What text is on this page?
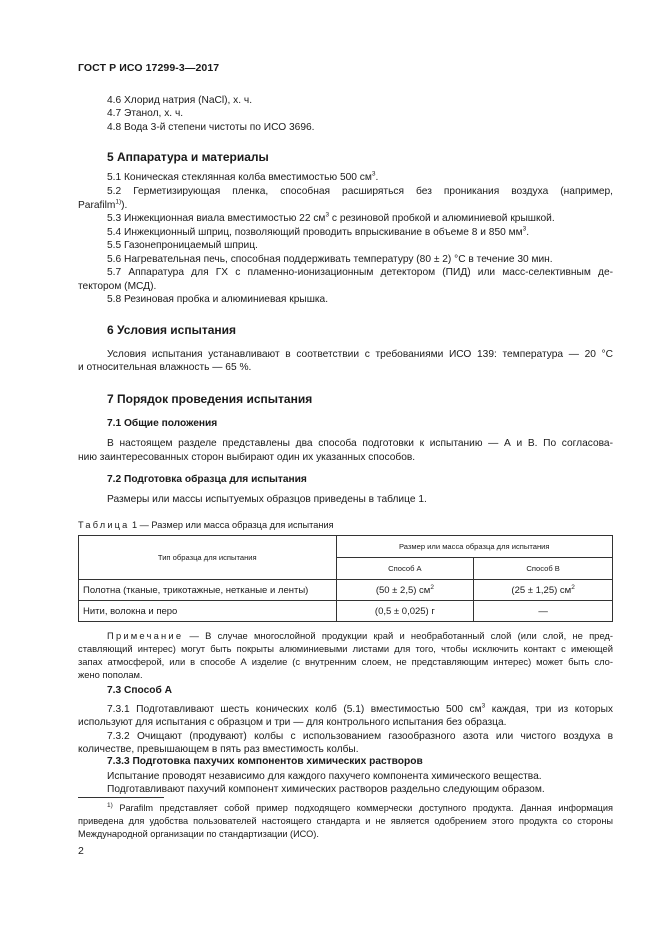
ГОСТ Р ИСО 17299-3—2017
4.6 Хлорид натрия (NaCl), х. ч.
4.7 Этанол, х. ч.
4.8 Вода 3-й степени чистоты по ИСО 3696.
5 Аппаратура и материалы
5.1 Коническая стеклянная колба вместимостью 500 $см^3$.
5.2 Герметизирующая пленка, способная расширяться без проникания воздуха (например,
Parafilm$^{1)}$).
5.3 Инжекционная виала вместимостью 22 $см^3$ с резиновой пробкой и алюминиевой крышкой.
5.4 Инжекционный шприц, позволяющий проводить впрыскивание в объеме 8 и 850 $мм^3$.
5.5 Газонепроницаемый шприц.
5.6 Нагревательная печь, способная поддерживать температуру (80 ± 2) °С в течение 30 мин.
5.7 Аппаратура для ГХ с пламенно-ионизационным детектором (ПИД) или масс-селективным де-
тектором (МСД).
5.8 Резиновая пробка и алюминиевая крышка.
6 Условия испытания
Условия испытания устанавливают в соответствии с требованиями ИСО 139: температура — 20 °С
и относительная влажность — 65 %.
7 Порядок проведения испытания
7.1 Общие положения
В настоящем разделе представлены два способа подготовки к испытанию — А и В. По согласова-
нию заинтересованных сторон выбирают один их указанных способов.
7.2 Подготовка образца для испытания
Размеры или массы испытуемых образцов приведены в таблице 1.
Таблица 1 — Размер или масса образца для испытания
Тип образца для испытания	Размер или масса образца для испытания	
	Способ А	Способ В
Полотна (тканые, трикотажные, нетканые и ленты)	(50 ± 2,5) $см^2$	(25 ± 1,25) $см^2$
Нити, волокна и перо	(0,5 ± 0,025) г	—
Примечание — В случае многослойной продукции край и необработанный слой (или слой, не пред-
ставляющий интерес) могут быть покрыты алюминиевыми листами для того, чтобы исключить контакт с имеющей
запах атмосферой, или в способе А изделие (с внутренним слоем, не представляющим интерес) может быть сло-
жено пополам.
7.3 Способ А
7.3.1 Подготавливают шесть конических колб (5.1) вместимостью 500 $см^3$ каждая, три из которых
используют для испытания с образцом и три — для контрольного испытания без образца.
7.3.2 Очищают (продувают) колбы с использованием газообразного азота или чистого воздуха в
количестве, превышающем в пять раз вместимость колбы.
7.3.3 Подготовка пахучих компонентов химических растворов
Испытание проводят независимо для каждого пахучего компонента химического вещества.
Подготавливают пахучий компонент химических растворов раздельно следующим образом.
$^{1)}$ Parafilm представляет собой пример подходящего коммерчески доступного продукта. Данная информация
приведена для удобства пользователей настоящего стандарта и не является одобрением этого продукта со стороны
Международной организации по стандартизации (ИСО).
2
